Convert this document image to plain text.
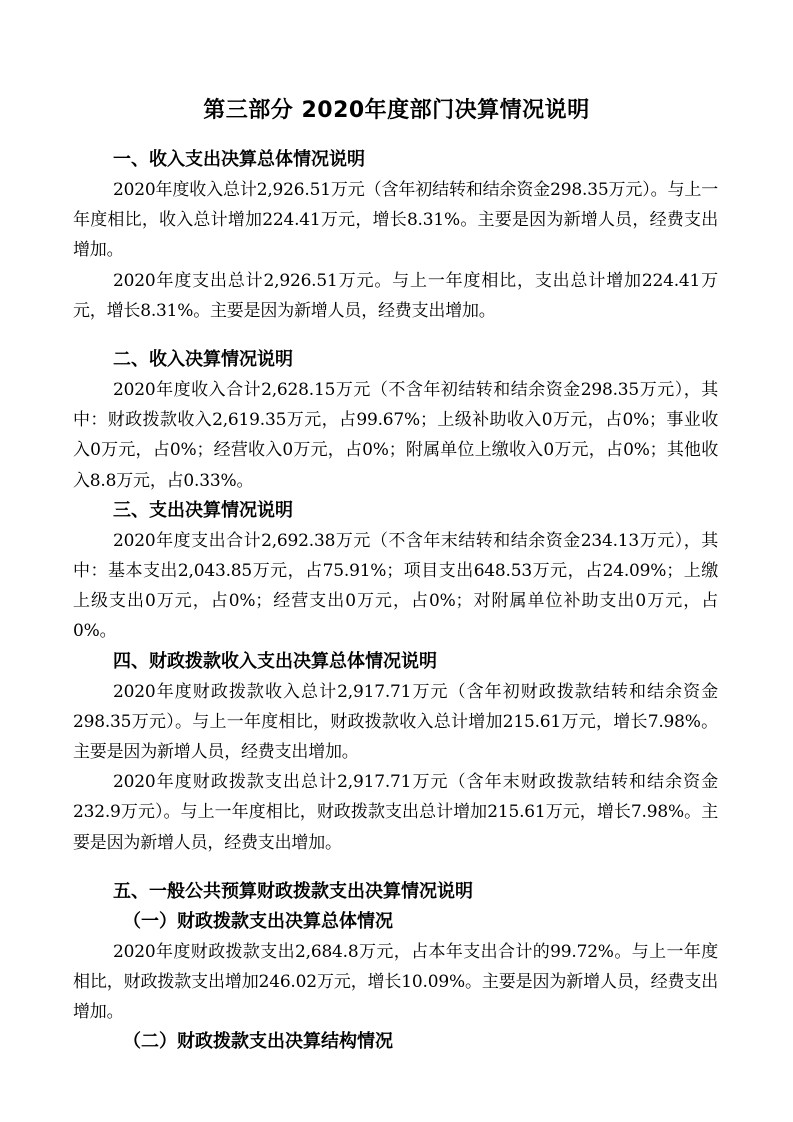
第三部分 2020年度部门决算情况说明

一、收入支出决算总体情况说明

2020年度收入总计2,926.51万元（含年初结转和结余资金298.35万元）。与上一年度相比，收入总计增加224.41万元，增长8.31%。主要是因为新增人员，经费支出增加。

2020年度支出总计2,926.51万元。与上一年度相比，支出总计增加224.41万元，增长8.31%。主要是因为新增人员，经费支出增加。

二、收入决算情况说明

2020年度收入合计2,628.15万元（不含年初结转和结余资金298.35万元），其中：财政拨款收入2,619.35万元，占99.67%；上级补助收入0万元，占0%；事业收入0万元，占0%；经营收入0万元，占0%；附属单位上缴收入0万元，占0%；其他收入8.8万元，占0.33%。

三、支出决算情况说明

2020年度支出合计2,692.38万元（不含年末结转和结余资金234.13万元），其中：基本支出2,043.85万元，占75.91%；项目支出648.53万元，占24.09%；上缴上级支出0万元，占0%；经营支出0万元，占0%；对附属单位补助支出0万元，占0%。

四、财政拨款收入支出决算总体情况说明

2020年度财政拨款收入总计2,917.71万元（含年初财政拨款结转和结余资金298.35万元）。与上一年度相比，财政拨款收入总计增加215.61万元，增长7.98%。主要是因为新增人员，经费支出增加。

2020年度财政拨款支出总计2,917.71万元（含年末财政拨款结转和结余资金232.9万元）。与上一年度相比，财政拨款支出总计增加215.61万元，增长7.98%。主要是因为新增人员，经费支出增加。

五、一般公共预算财政拨款支出决算情况说明

（一）财政拨款支出决算总体情况

2020年度财政拨款支出2,684.8万元，占本年支出合计的99.72%。与上一年度相比，财政拨款支出增加246.02万元，增长10.09%。主要是因为新增人员，经费支出增加。

（二）财政拨款支出决算结构情况
